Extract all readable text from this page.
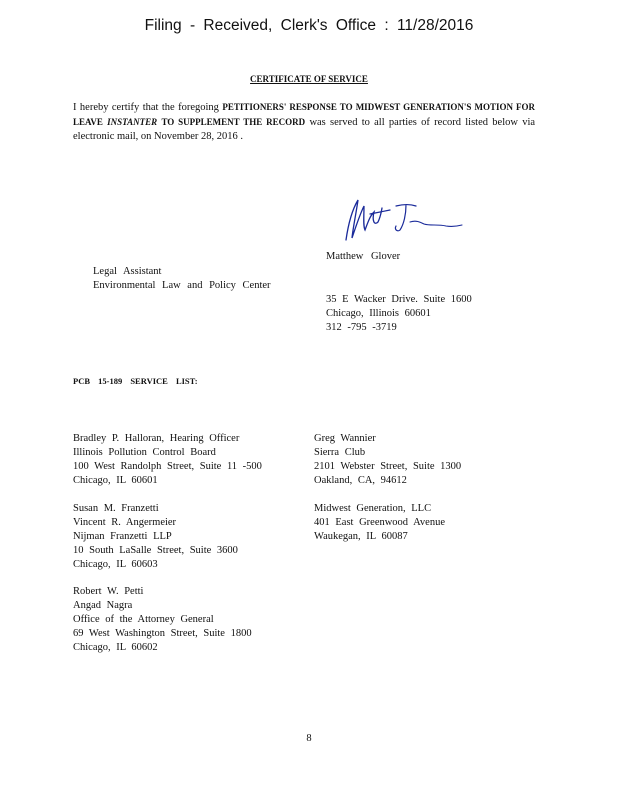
Filing - Received, Clerk's Office : 11/28/2016
CERTIFICATE OF SERVICE
I hereby certify that the foregoing PETITIONERS' RESPONSE TO MIDWEST GENERATION'S MOTION FOR LEAVE INSTANTER TO SUPPLEMENT THE RECORD was served to all parties of record listed below via electronic mail, on November 28, 2016 .
Matthew Glover
Legal Assistant
Environmental Law and Policy Center
35 E Wacker Drive. Suite 1600
Chicago, Illinois 60601
312 -795 -3719
PCB 15-189 SERVICE LIST:
Bradley P. Halloran, Hearing Officer
Illinois Pollution Control Board
100 West Randolph Street, Suite 11 -500
Chicago, IL 60601
Greg Wannier
Sierra Club
2101 Webster Street, Suite 1300
Oakland, CA, 94612
Susan M. Franzetti
Vincent R. Angermeier
Nijman Franzetti LLP
10 South LaSalle Street, Suite 3600
Chicago, IL 60603
Midwest Generation, LLC
401 East Greenwood Avenue
Waukegan, IL 60087
Robert W. Petti
Angad Nagra
Office of the Attorney General
69 West Washington Street, Suite 1800
Chicago, IL 60602
8
